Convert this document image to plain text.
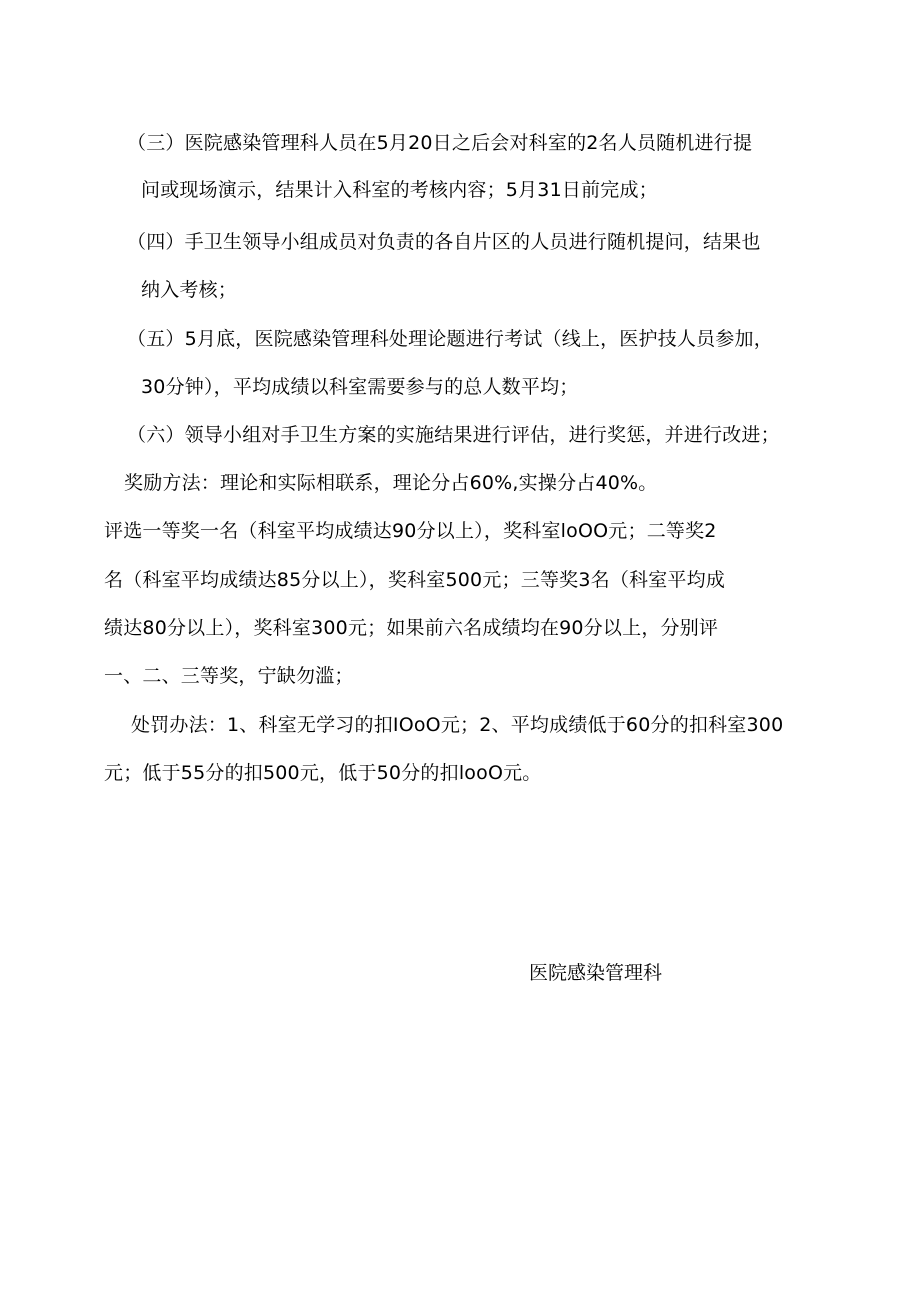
（三）医院感染管理科人员在5月20日之后会对科室的2名人员随机进行提
问或现场演示，结果计入科室的考核内容；5月31日前完成；
（四）手卫生领导小组成员对负责的各自片区的人员进行随机提问，结果也
纳入考核；
（五）5月底，医院感染管理科处理论题进行考试（线上，医护技人员参加，
30分钟），平均成绩以科室需要参与的总人数平均；
（六）领导小组对手卫生方案的实施结果进行评估，进行奖惩，并进行改进；
奖励方法：理论和实际相联系，理论分占60%,实操分占40%。
评选一等奖一名（科室平均成绩达90分以上），奖科室loOO元；二等奖2
名（科室平均成绩达85分以上），奖科室500元；三等奖3名（科室平均成
绩达80分以上），奖科室300元；如果前六名成绩均在90分以上，分别评
一、二、三等奖，宁缺勿滥；
处罚办法：1、科室无学习的扣IOoO元；2、平均成绩低于60分的扣科室300
元；低于55分的扣500元，低于50分的扣looO元。
医院感染管理科
